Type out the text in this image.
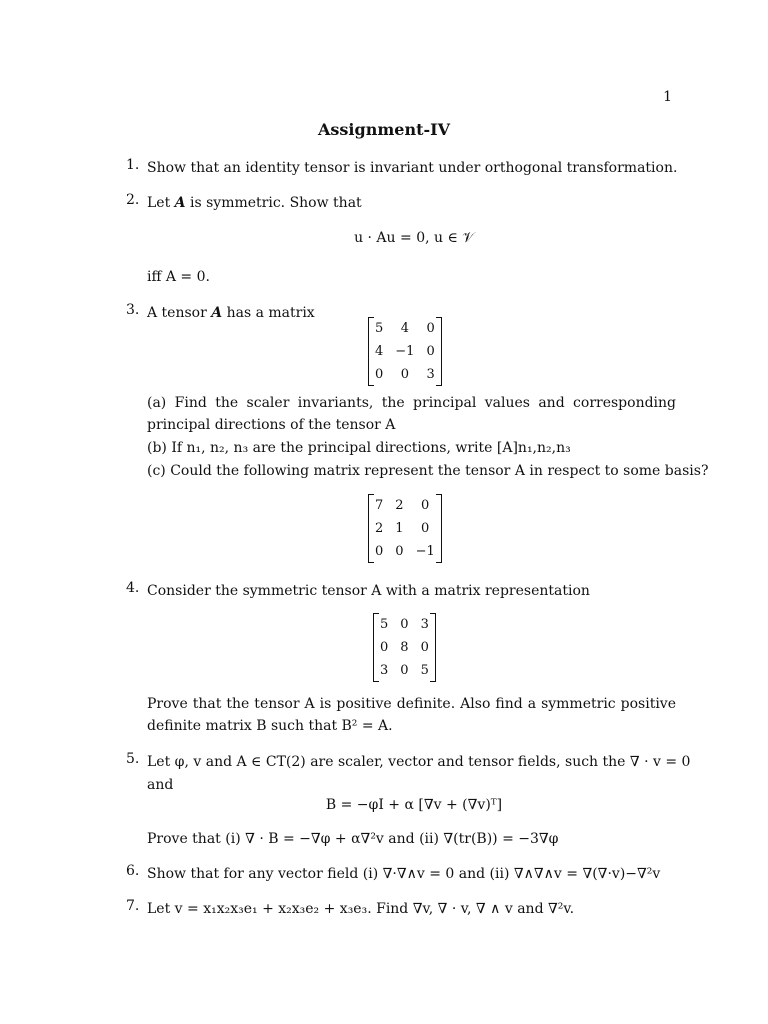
1
Assignment-IV
1. Show that an identity tensor is invariant under orthogonal transformation.
2. Let A is symmetric. Show that
u · Au = 0, u ∈ 𝒱
iff A = 0.
3. A tensor A has a matrix
5	4	0
4	−1	0
0	0	3
(a) Find the scaler invariants, the principal values and corresponding principal directions of the tensor A
(b) If n₁, n₂, n₃ are the principal directions, write [A]n₁,n₂,n₃
(c) Could the following matrix represent the tensor A in respect to some basis?
7	2	0
2	1	0
0	0	−1
4. Consider the symmetric tensor A with a matrix representation
5	0	3
0	8	0
3	0	5
Prove that the tensor A is positive definite. Also find a symmetric positive definite matrix B such that B² = A.
5. Let φ, v and A ∈ CT(2) are scaler, vector and tensor fields, such the ∇ · v = 0
and
B = −φI + α [∇v + (∇v)ᵀ]
Prove that (i) ∇ · B = −∇φ + α∇²v and (ii) ∇(tr(B)) = −3∇φ
6. Show that for any vector field (i) ∇·∇∧v = 0 and (ii) ∇∧∇∧v = ∇(∇·v)−∇²v
7. Let v = x₁x₂x₃e₁ + x₂x₃e₂ + x₃e₃. Find ∇v, ∇ · v, ∇ ∧ v and ∇²v.
